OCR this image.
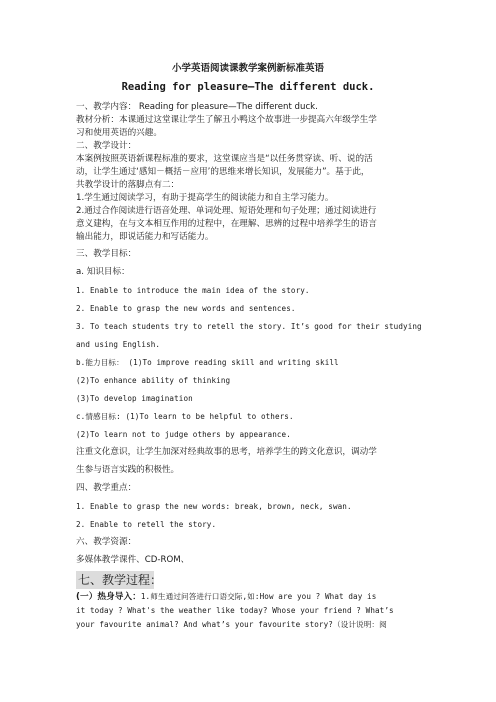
小学英语阅读课教学案例新标准英语
Reading for pleasure—The different duck.
一、教学内容： Reading for pleasure—The different duck.
教材分析：本课通过这堂课让学生了解丑小鸭这个故事进一步提高六年级学生学
习和使用英语的兴趣。
二、教学设计：
本案例按照英语新课程标准的要求，这堂课应当是“以任务贯穿读、听、说的活
动，让学生通过‘感知－概括－应用’的思维来增长知识，发展能力”。基于此，
共教学设计的落脚点有二：
1.学生通过阅读学习，有助于提高学生的阅读能力和自主学习能力。
2.通过合作阅读进行语音处理、单词处理、短语处理和句子处理；通过阅读进行
意义建构，在与文本相互作用的过程中，在理解、思辨的过程中培养学生的语言
输出能力，即说话能力和写话能力。
三、教学目标：
a. 知识目标：
1. Enable to introduce the main idea of the story.
2. Enable to grasp the new words and sentences.
3. To teach students try to retell the story. It’s good for their studying
and using English.
b.能力目标： (1)To improve reading skill and writing skill
(2)To enhance ability of thinking
(3)To develop imagination
c.情感目标: (1)To learn to be helpful to others.
(2)To learn not to judge others by appearance.
注重文化意识，让学生加深对经典故事的思考，培养学生的跨文化意识，调动学
生参与语言实践的积极性。
四、教学重点：
1. Enable to grasp the new words: break, brown, neck, swan.
2. Enable to retell the story.
六、教学资源：
多媒体教学课件、CD-ROM、
七、教学过程：
(一）热身导入：1.师生通过问答进行口语交际,如:How are you ? What day is
it today ? What's the weather like today? Whose your friend ? What’s
your favourite animal? And what’s your favourite story?（设计说明：阅
